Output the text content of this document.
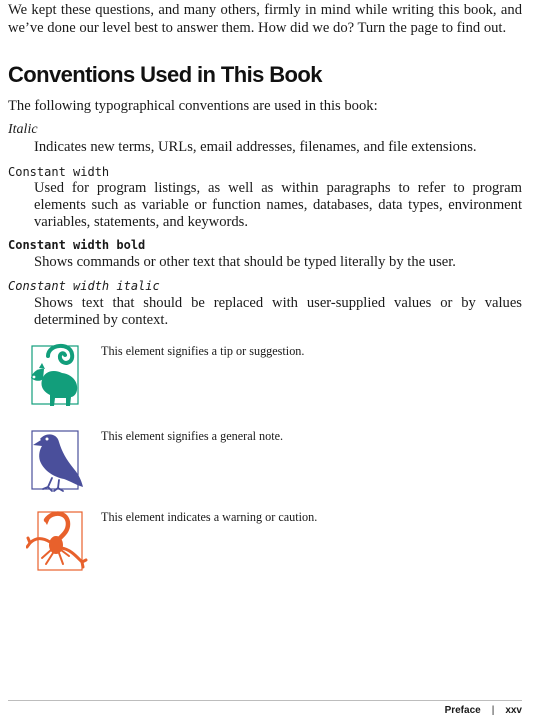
We kept these questions, and many others, firmly in mind while writing this book, and we’ve done our level best to answer them. How did we do? Turn the page to find out.

Conventions Used in This Book

The following typographical conventions are used in this book:

Italic

Indicates new terms, URLs, email addresses, filenames, and file extensions.

Constant width

Used for program listings, as well as within paragraphs to refer to program elements such as variable or function names, databases, data types, environment variables, statements, and keywords.

Constant width bold

Shows commands or other text that should be typed literally by the user.

Constant width italic

Shows text that should be replaced with user-supplied values or by values determined by context.

This element signifies a tip or suggestion.

This element signifies a general note.

This element indicates a warning or caution.

Preface | xxv
